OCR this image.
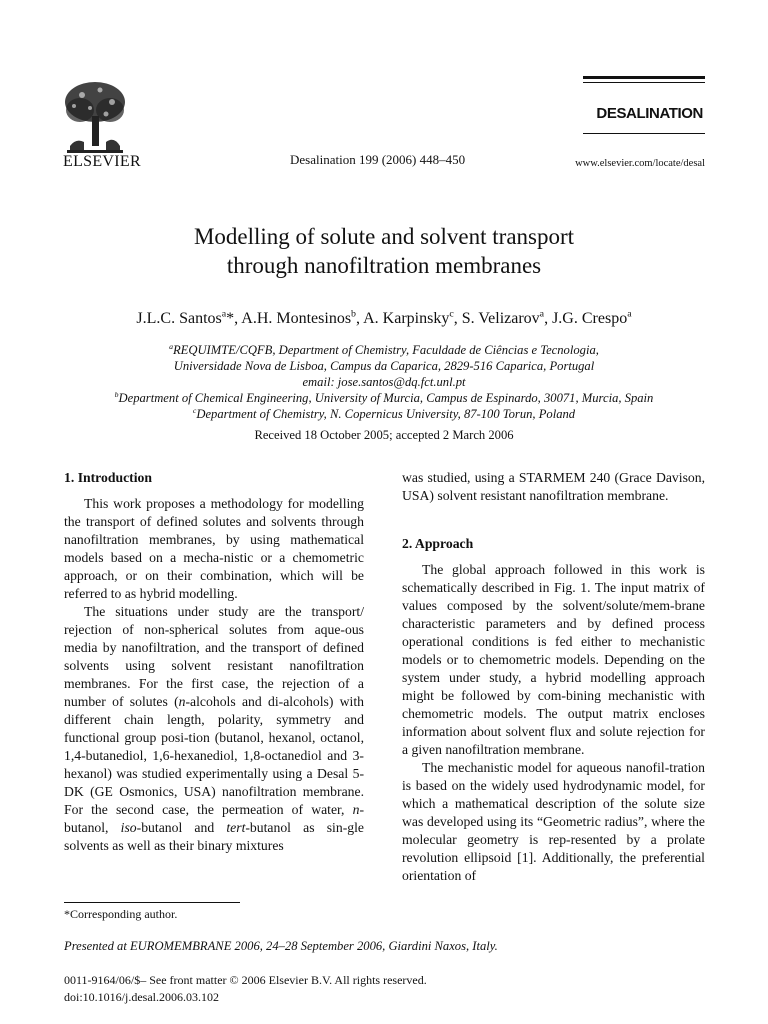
ELSEVIER	Desalination 199 (2006) 448–450
DESALINATION
www.elsevier.com/locate/desal
Modelling of solute and solvent transport
through nanofiltration membranes
J.L.C. Santos$^a$*, A.H. Montesinos$^b$, A. Karpinsky$^c$, S. Velizarov$^a$, J.G. Crespo$^a$
$^a$REQUIMTE/CQFB, Department of Chemistry, Faculdade de Ciências e Tecnologia,
Universidade Nova de Lisboa, Campus da Caparica, 2829-516 Caparica, Portugal
email: jose.santos@dq.fct.unl.pt
$^b$Department of Chemical Engineering, University of Murcia, Campus de Espinardo, 30071, Murcia, Spain
$^c$Department of Chemistry, N. Copernicus University, 87-100 Torun, Poland
Received 18 October 2005; accepted 2 March 2006
1. Introduction

This work proposes a methodology for modelling the transport of defined solutes and solvents through nanofiltration membranes, by using mathematical models based on a mecha-nistic or a chemometric approach, or on their combination, which will be referred to as hybrid modelling.

The situations under study are the transport/ rejection of non-spherical solutes from aque-ous media by nanofiltration, and the transport of defined solvents using solvent resistant nanofiltration membranes. For the first case, the rejection of a number of solutes (n-alcohols and di-alcohols) with different chain length, polarity, symmetry and functional group posi-tion (butanol, hexanol, octanol, 1,4-butanediol, 1,6-hexanediol, 1,8-octanediol and 3-hexanol) was studied experimentally using a Desal 5-DK (GE Osmonics, USA) nanofiltration membrane. For the second case, the permeation of water, n-butanol, iso-butanol and tert-butanol as sin-gle solvents as well as their binary mixtures

was studied, using a STARMEM 240 (Grace Davison, USA) solvent resistant nanofiltration membrane.

2. Approach

The global approach followed in this work is schematically described in Fig. 1. The input matrix of values composed by the solvent/solute/mem-brane characteristic parameters and by defined process operational conditions is fed either to mechanistic models or to chemometric models. Depending on the system under study, a hybrid modelling approach might be followed by com-bining mechanistic with chemometric models. The output matrix encloses information about solvent flux and solute rejection for a given nanofiltration membrane.

The mechanistic model for aqueous nanofil-tration is based on the widely used hydrodynamic model, for which a mathematical description of the solute size was developed using its “Geometric radius”, where the molecular geometry is rep-resented by a prolate revolution ellipsoid [1]. Additionally, the preferential orientation of

*Corresponding author.
Presented at EUROMEMBRANE 2006, 24–28 September 2006, Giardini Naxos, Italy.
0011-9164/06/$– See front matter © 2006 Elsevier B.V. All rights reserved.
doi:10.1016/j.desal.2006.03.102
